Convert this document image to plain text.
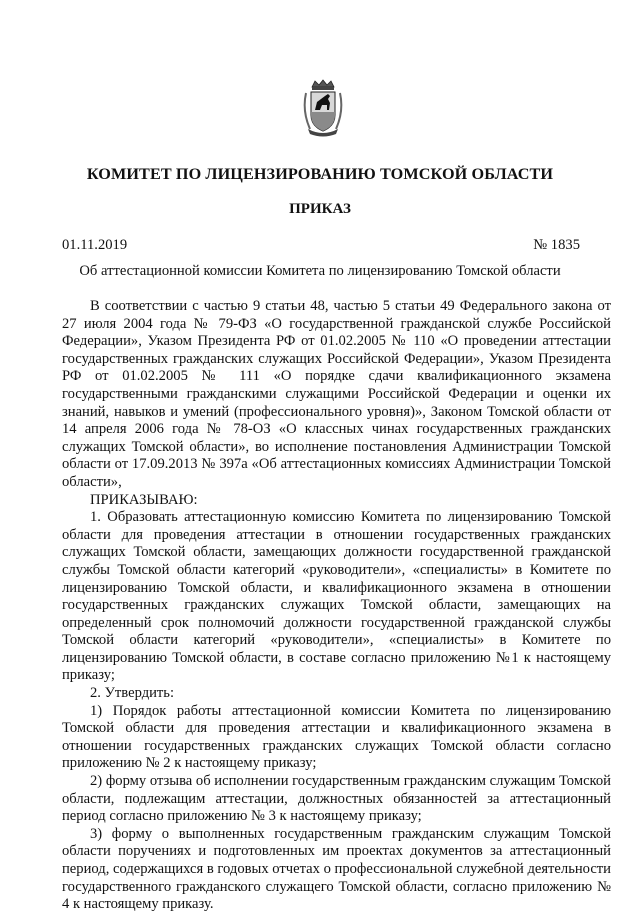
КОМИТЕТ ПО ЛИЦЕНЗИРОВАНИЮ ТОМСКОЙ ОБЛАСТИ
ПРИКАЗ
01.11.2019	№ 1835
Об аттестационной комиссии Комитета по лицензированию Томской области

В соответствии с частью 9 статьи 48, частью 5 статьи 49 Федерального закона от 27 июля 2004 года № 79-ФЗ «О государственной гражданской службе Российской Федерации», Указом Президента РФ от 01.02.2005 № 110 «О проведении аттестации государственных гражданских служащих Российской Федерации», Указом Президента РФ от 01.02.2005 № 111 «О порядке сдачи квалификационного экзамена государственными гражданскими служащими Российской Федерации и оценки их знаний, навыков и умений (профессионального уровня)», Законом Томской области от 14 апреля 2006 года № 78-ОЗ «О классных чинах государственных гражданских служащих Томской области», во исполнение постановления Администрации Томской области от 17.09.2013 № 397а «Об аттестационных комиссиях Администрации Томской области»,

ПРИКАЗЫВАЮ:

1. Образовать аттестационную комиссию Комитета по лицензированию Томской области для проведения аттестации в отношении государственных гражданских служащих Томской области, замещающих должности государственной гражданской службы Томской области категорий «руководители», «специалисты» в Комитете по лицензированию Томской области, и квалификационного экзамена в отношении государственных гражданских служащих Томской области, замещающих на определенный срок полномочий должности государственной гражданской службы Томской области категорий «руководители», «специалисты» в Комитете по лицензированию Томской области, в составе согласно приложению №1 к настоящему приказу;

2. Утвердить:

1) Порядок работы аттестационной комиссии Комитета по лицензированию Томской области для проведения аттестации и квалификационного экзамена в отношении государственных гражданских служащих Томской области согласно приложению № 2 к настоящему приказу;

2) форму отзыва об исполнении государственным гражданским служащим Томской области, подлежащим аттестации, должностных обязанностей за аттестационный период согласно приложению № 3 к настоящему приказу;

3) форму о выполненных государственным гражданским служащим Томской области поручениях и подготовленных им проектах документов за аттестационный период, содержащихся в годовых отчетах о профессиональной служебной деятельности государственного гражданского служащего Томской области, согласно приложению № 4 к настоящему приказу.
